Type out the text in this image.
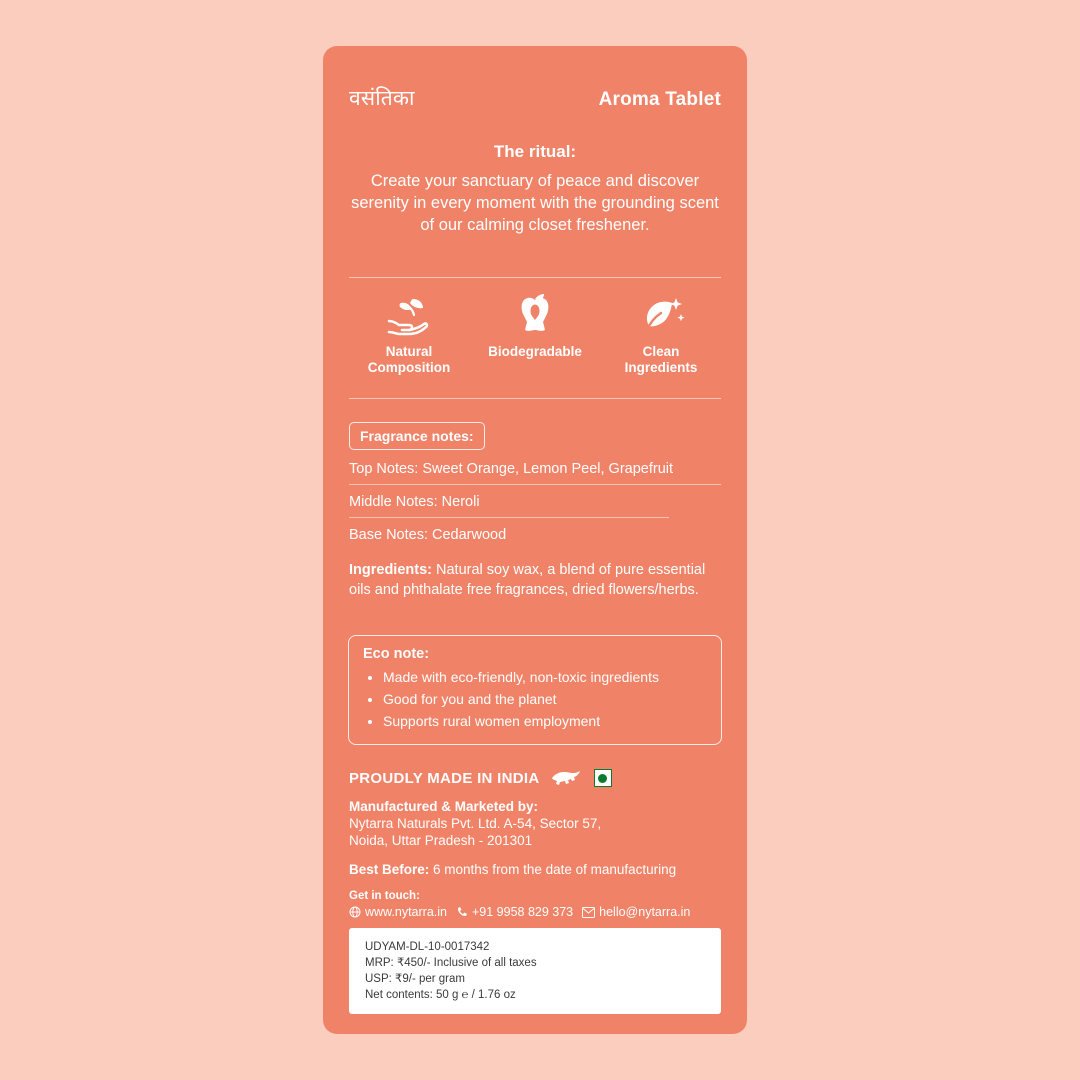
वसंतिका	Aroma Tablet
The ritual:
Create your sanctuary of peace and discover serenity in every moment with the grounding scent of our calming closet freshener.
Natural
Composition
Biodegradable	Clean
Ingredients
Fragrance notes:
Top Notes: Sweet Orange, Lemon Peel, Grapefruit
Middle Notes: Neroli
Base Notes: Cedarwood
Ingredients: Natural soy wax, a blend of pure essential oils and phthalate free fragrances, dried flowers/herbs.
Eco note:
• Made with eco-friendly, non-toxic ingredients
• Good for you and the planet
• Supports rural women employment
PROUDLY MADE IN INDIA
Manufactured & Marketed by:
Nytarra Naturals Pvt. Ltd. A-54, Sector 57,
Noida, Uttar Pradesh - 201301
Best Before: 6 months from the date of manufacturing
Get in touch:
www.nytarra.in +91 9958 829 373 hello@nytarra.in
UDYAM-DL-10-0017342
MRP: ₹450/- Inclusive of all taxes
USP: ₹9/- per gram
Net contents: 50 g ℮ / 1.76 oz
